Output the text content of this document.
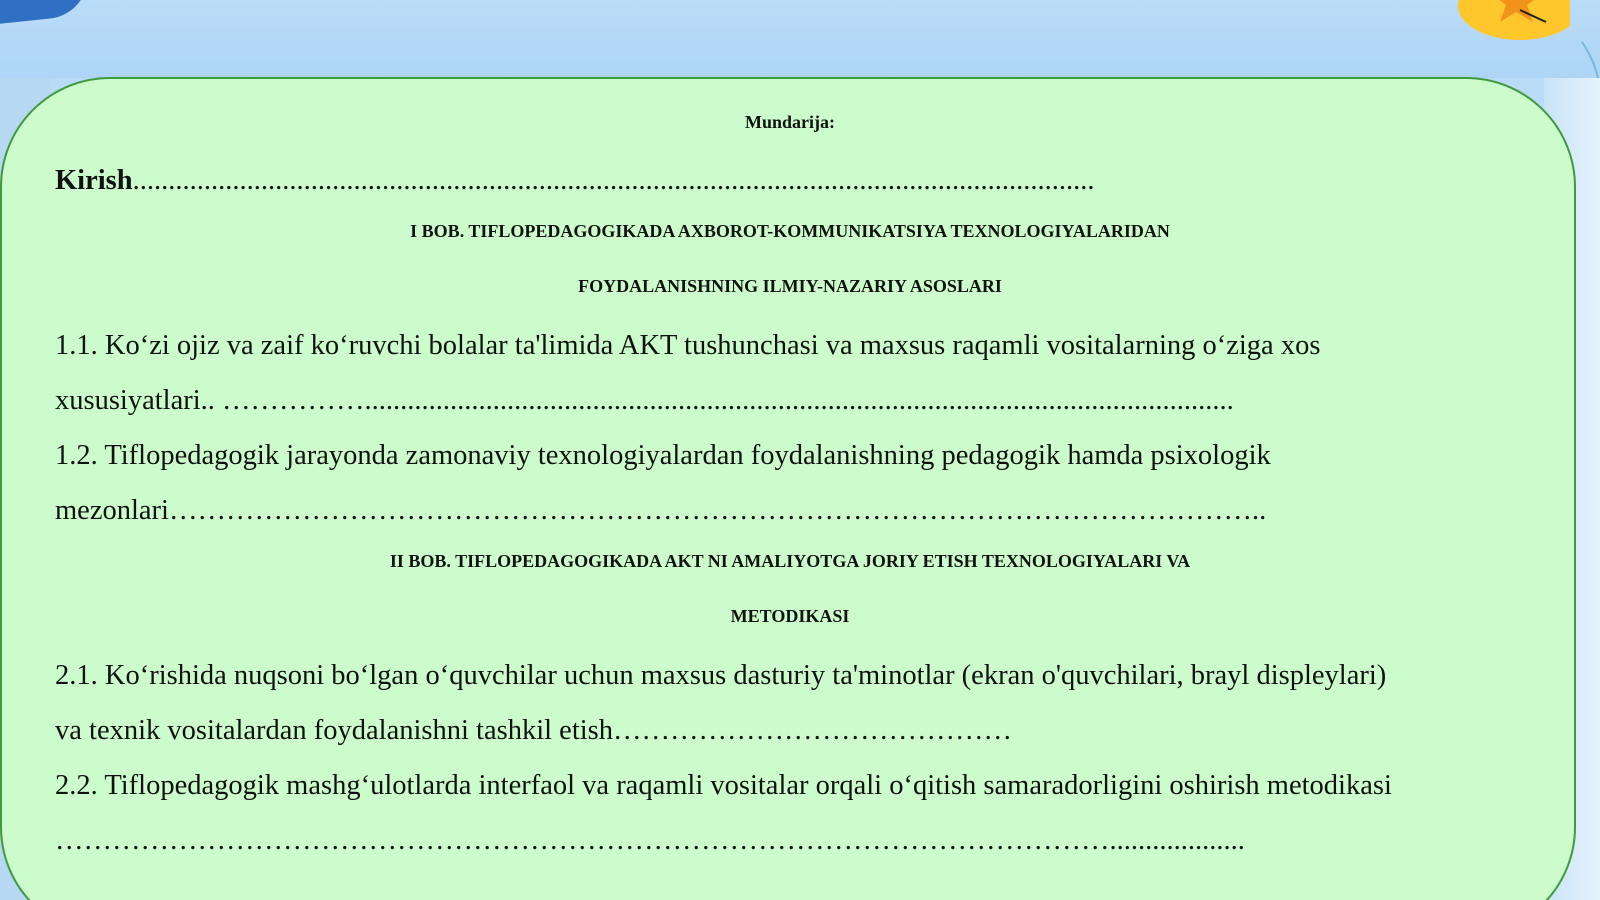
Mundarija:
Kirish.......................................................................................................................................
I BOB. TIFLOPEDAGOGIKADA AXBOROT-KOMMUNIKATSIYA TEXNOLOGIYALARIDAN
FOYDALANISHNING ILMIY-NAZARIY ASOSLARI
1.1. Ko‘zi ojiz va zaif ko‘ruvchi bolalar ta'limida AKT tushunchasi va maxsus raqamli vositalarning o‘ziga xos
xususiyatlari.. ……………..........................................................................................................................
1.2. Tiflopedagogik jarayonda zamonaviy texnologiyalardan foydalanishning pedagogik hamda psixologik
mezonlari……………………………………………………………………………………………………..
II BOB. TIFLOPEDAGOGIKADA AKT NI AMALIYOTGA JORIY ETISH TEXNOLOGIYALARI VA
METODIKASI
2.1. Ko‘rishida nuqsoni bo‘lgan o‘quvchilar uchun maxsus dasturiy ta'minotlar (ekran o'quvchilari, brayl displeylari)
va texnik vositalardan foydalanishni tashkil etish……………………………………
2.2. Tiflopedagogik mashg‘ulotlarda interfaol va raqamli vositalar orqali o‘qitish samaradorligini oshirish metodikasi
…………………………………………………………………………………………………...................
